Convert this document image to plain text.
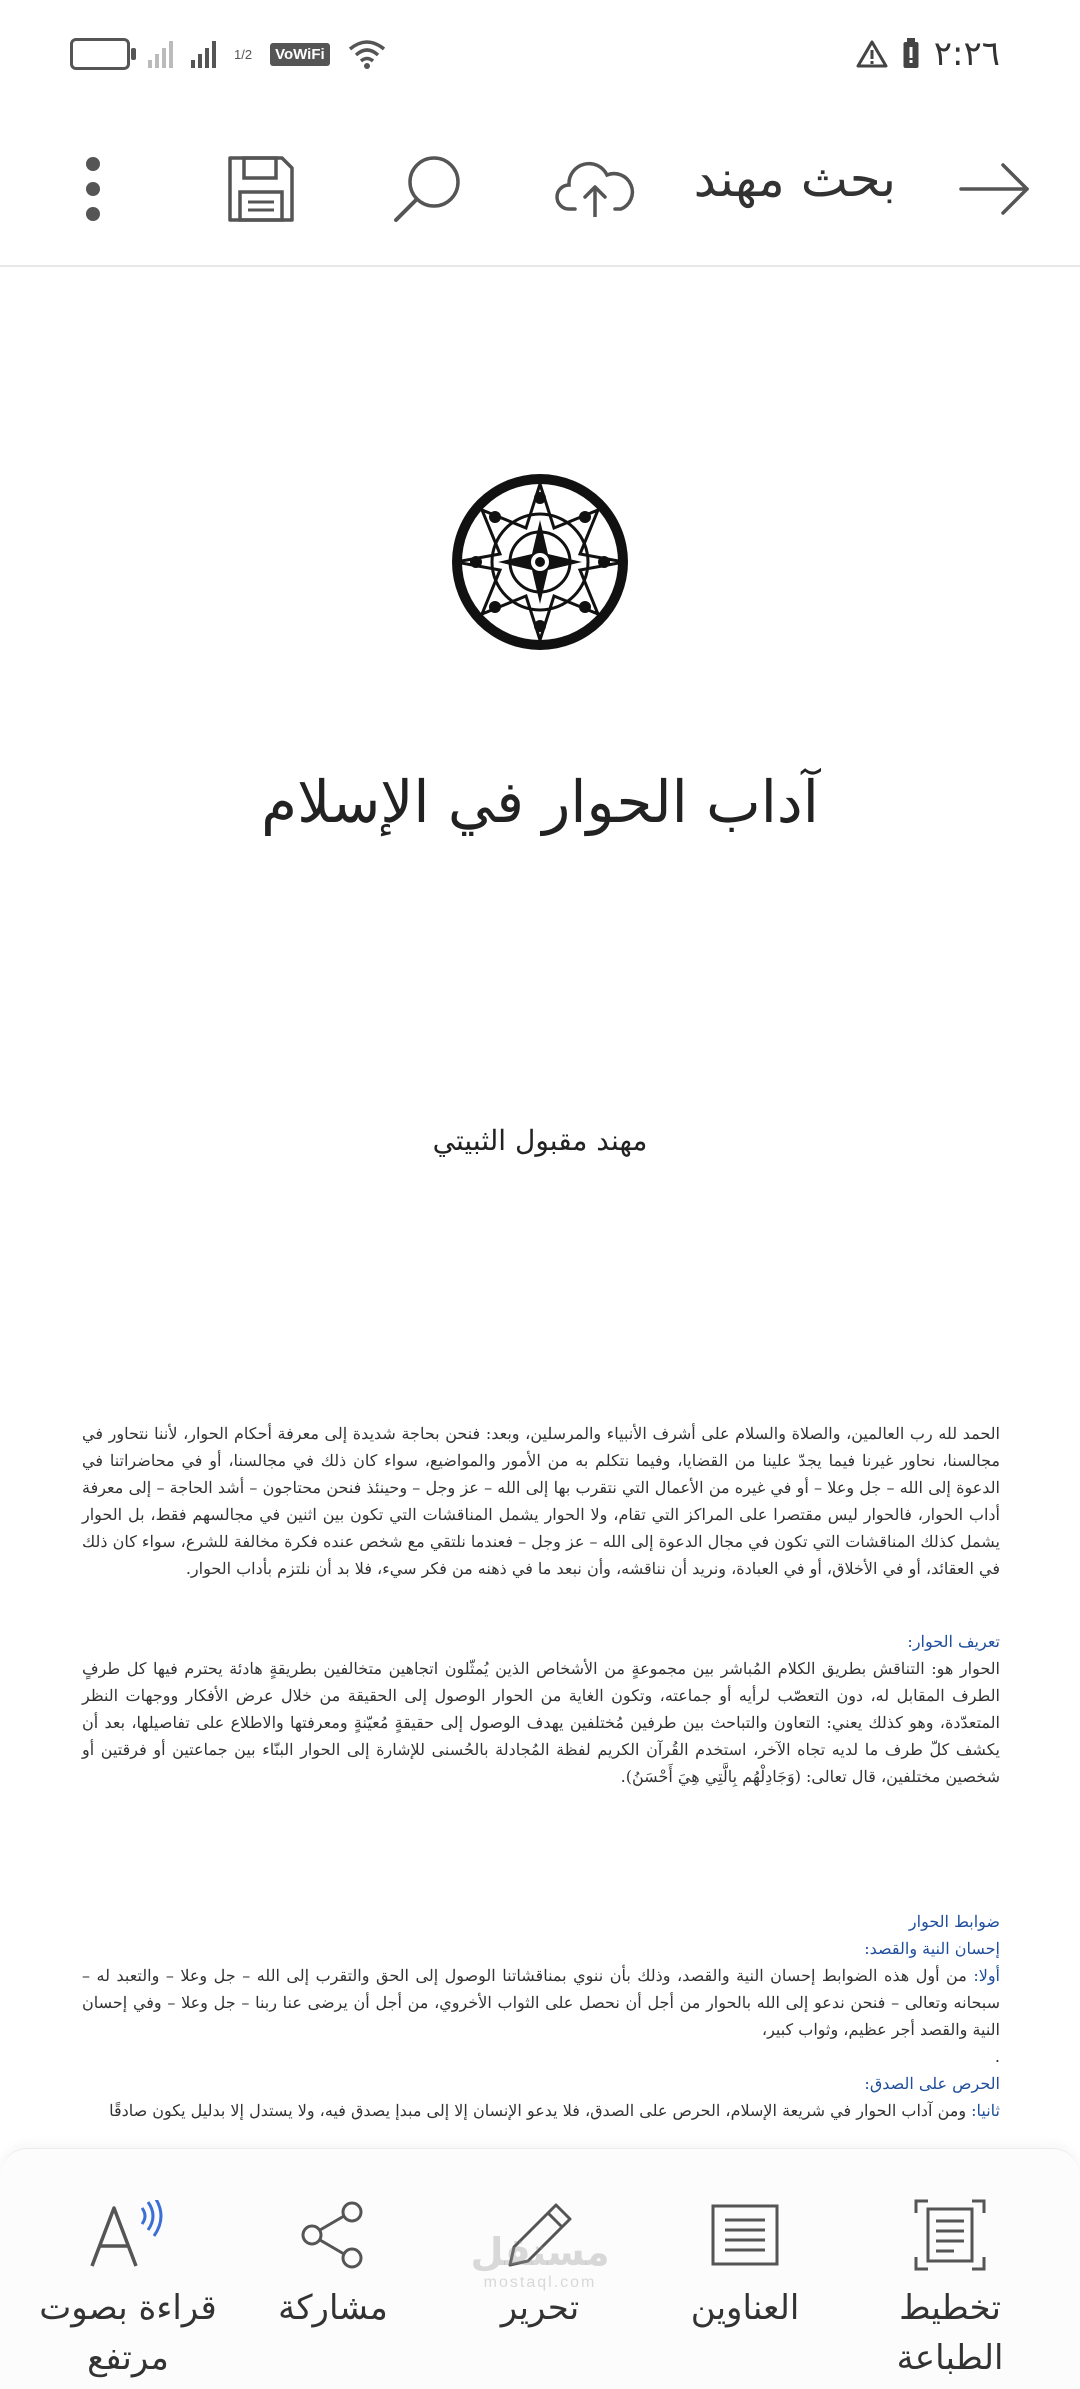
1/2	VoWiFi	٢:٢٦
بحث مهند
آداب الحوار في الإسلام
مهند مقبول الثبيتي

الحمد لله رب العالمين، والصلاة والسلام على أشرف الأنبياء والمرسلين، وبعد: فنحن بحاجة شديدة إلى معرفة أحكام الحوار، لأننا نتحاور في مجالسنا، نحاور غيرنا فيما يجدّ علينا من القضايا، وفيما نتكلم به من الأمور والمواضيع، سواء كان ذلك في مجالسنا، أو في محاضراتنا في الدعوة إلى الله – جل وعلا – أو في غيره من الأعمال التي نتقرب بها إلى الله – عز وجل – وحينئذ فنحن محتاجون – أشد الحاجة – إلى معرفة أداب الحوار، فالحوار ليس مقتصرا على المراكز التي تقام، ولا الحوار يشمل المناقشات التي تكون بين اثنين في مجالسهم فقط، بل الحوار يشمل كذلك المناقشات التي تكون في مجال الدعوة إلى الله – عز وجل – فعندما نلتقي مع شخص عنده فكرة مخالفة للشرع، سواء كان ذلك في العقائد، أو في الأخلاق، أو في العبادة، ونريد أن نناقشه، وأن نبعد ما في ذهنه من فكر سيء، فلا بد أن نلتزم بأداب الحوار.

تعريف الحوار:

الحوار هو: التناقش بطريق الكلام المُباشر بين مجموعةٍ من الأشخاص الذين يُمثّلون اتجاهين متخالفين بطريقةٍ هادئة يحترم فيها كل طرفٍ الطرف المقابل له، دون التعصّب لرأيه أو جماعته، وتكون الغاية من الحوار الوصول إلى الحقيقة من خلال عرض الأفكار ووجهات النظر المتعدّدة، وهو كذلك يعني: التعاون والتباحث بين طرفين مُختلفين يهدف الوصول إلى حقيقةٍ مُعيّنةٍ ومعرفتها والاطلاع على تفاصيلها، بعد أن يكشف كلّ طرف ما لديه تجاه الآخر، استخدم القُرآن الكريم لفظة المُجادلة بالحُسنى للإشارة إلى الحوار البنّاء بين جماعتين أو فرقتين أو شخصين مختلفين، قال تعالى: (وَجَادِلْهُم بِالَّتِي هِيَ أَحْسَنُ).

ضوابط الحوار

إحسان النية والقصد:

أولا: من أول هذه الضوابط إحسان النية والقصد، وذلك بأن ننوي بمناقشاتنا الوصول إلى الحق والتقرب إلى الله – جل وعلا – والتعبد له – سبحانه وتعالى – فنحن ندعو إلى الله بالحوار من أجل أن نحصل على الثواب الأخروي، من أجل أن يرضى عنا ربنا – جل وعلا – وفي إحسان النية والقصد أجر عظيم، وثواب كبير،

.

الحرص على الصدق:

ثانيا: ومن آداب الحوار في شريعة الإسلام، الحرص على الصدق، فلا يدعو الإنسان إلا إلى مبدإ يصدق فيه، ولا يستدل إلا بدليل يكون صادقًا

تخطيط الطباعة
العناوين
تحرير
مشاركة
قراءة بصوت مرتفع
مستقل
mostaql.com
